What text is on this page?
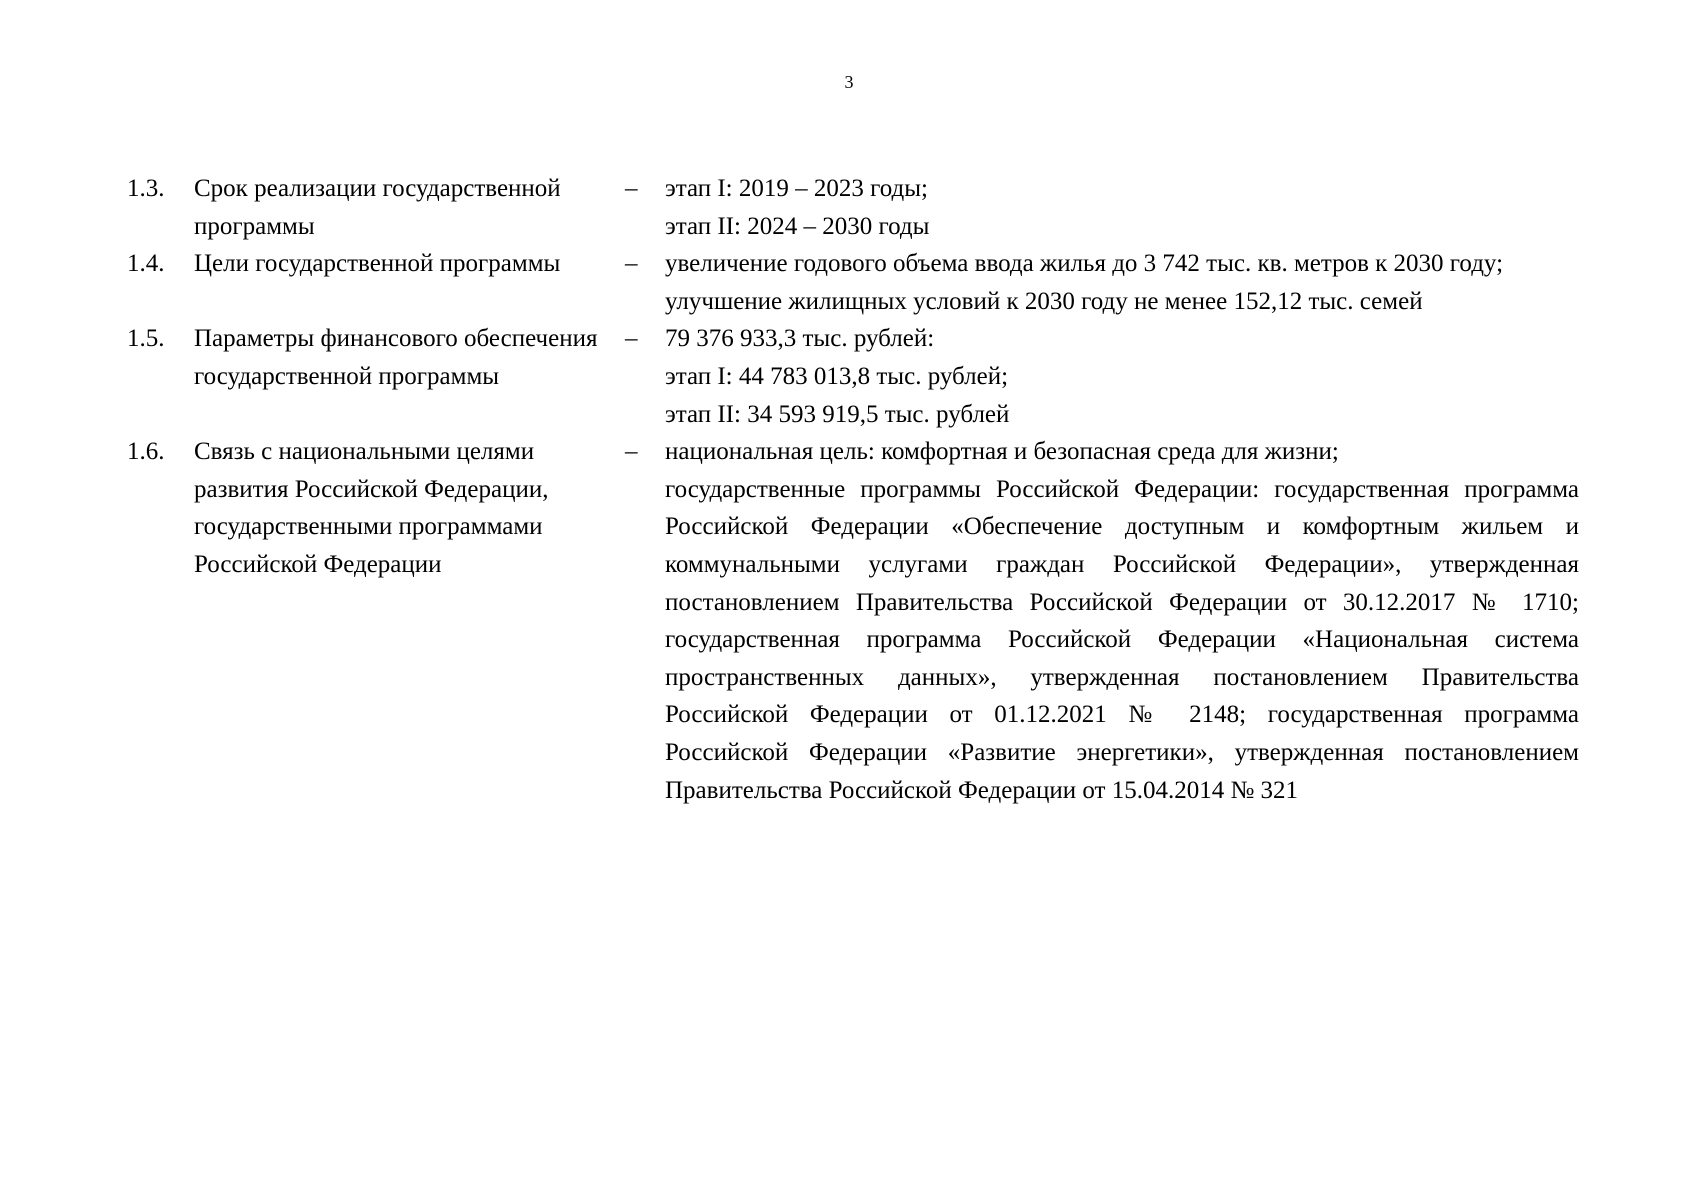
3
1.3.	Срок реализации государственной программы	–	этап I: 2019 – 2023 годы;

этап II: 2024 – 2030 годы

1.4.	Цели государственной программы	–	увеличение годового объема ввода жилья до 3 742 тыс. кв. метров к 2030 году;

улучшение жилищных условий к 2030 году не менее 152,12 тыс. семей

1.5.	Параметры финансового обеспечения государственной программы	–	79 376 933,3 тыс. рублей:

этап I: 44 783 013,8 тыс. рублей;

этап II: 34 593 919,5 тыс. рублей

1.6.	Связь с национальными целями развития Российской Федерации, государственными программами Российской Федерации	–	национальная цель: комфортная и безопасная среда для жизни;

государственные программы Российской Федерации: государственная программа Российской Федерации «Обеспечение доступным и комфортным жильем и коммунальными услугами граждан Российской Федерации», утвержденная постановлением Правительства Российской Федерации от 30.12.2017 № 1710; государственная программа Российской Федерации «Национальная система пространственных данных», утвержденная постановлением Правительства Российской Федерации от 01.12.2021 № 2148; государственная программа Российской Федерации «Развитие энергетики», утвержденная постановлением Правительства Российской Федерации от 15.04.2014 № 321
